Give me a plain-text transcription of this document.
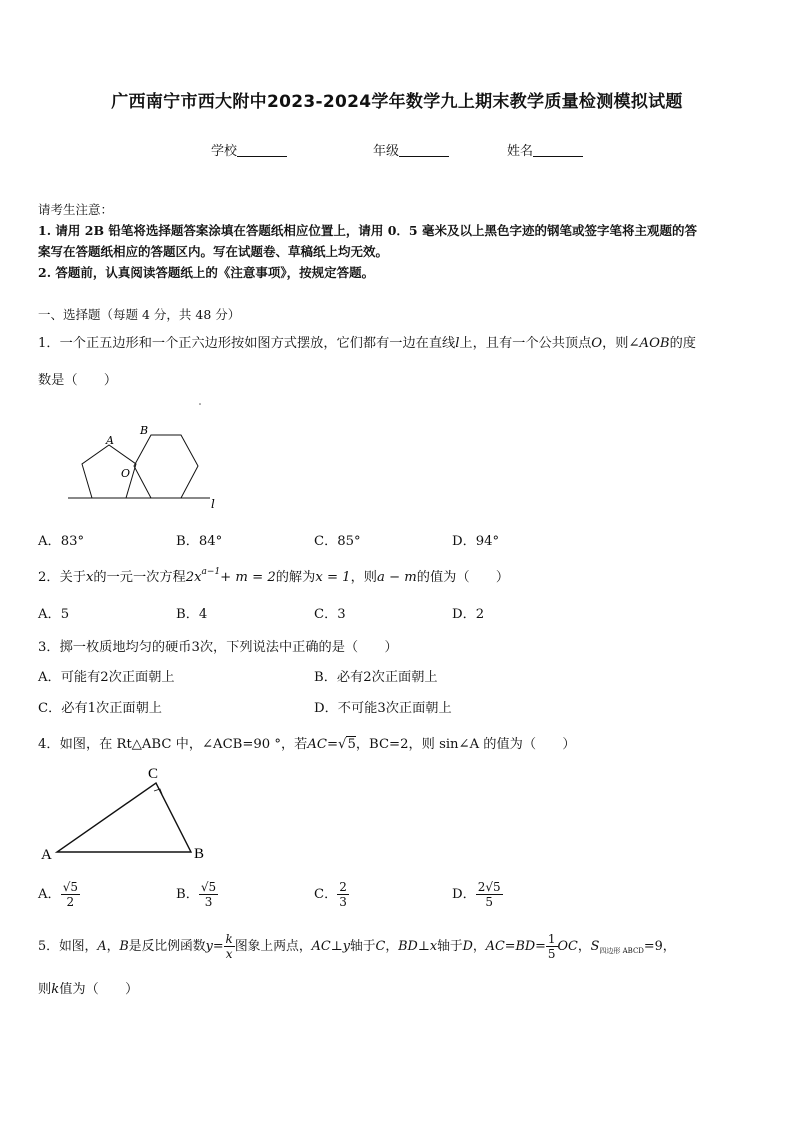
广西南宁市西大附中2023-2024学年数学九上期末教学质量检测模拟试题
学校	年级	姓名
请考生注意：
1. 请用 2B 铅笔将选择题答案涂填在答题纸相应位置上，请用 0．5 毫米及以上黑色字迹的钢笔或签字笔将主观题的答
案写在答题纸相应的答题区内。写在试题卷、草稿纸上均无效。
2. 答题前，认真阅读答题纸上的《注意事项》，按规定答题。
一、选择题（每题 4 分，共 48 分）
1．一个正五边形和一个正六边形按如图方式摆放，它们都有一边在直线l上，且有一个公共顶点O，则∠AOB的度
数是（　　）
A
B
O
l
A．83°	B．84°	C．85°	D．94°
2．关于x的一元一次方程$2x^{a-1}+ m = 2$的解为x = 1，则a − m的值为（　　）
A．5	B．4	C．3	D．2
3．掷一枚质地均匀的硬币3次，下列说法中正确的是（　　）
A．可能有2次正面朝上	B．必有2次正面朝上
C．必有1次正面朝上	D．不可能3次正面朝上
4．如图，在 Rt△ABC 中，∠ACB=90 °，若AC=√5，BC=2，则 sin∠A 的值为（　　）
A	B
C
A． $\frac{√5}{2}$	B． $\frac{√5}{3}$	C． $\frac{2}{3}$	D． $\frac{2√5}{5}$
5．如图，A，B是反比例函数$y= \frac{k}{x}$ 图象上两点，AC⊥y轴于C，BD⊥x轴于D，$AC=BD= \frac{1}{5}$ OC，$S_{四边形 ABCD}=9$，
则k值为（　　）
